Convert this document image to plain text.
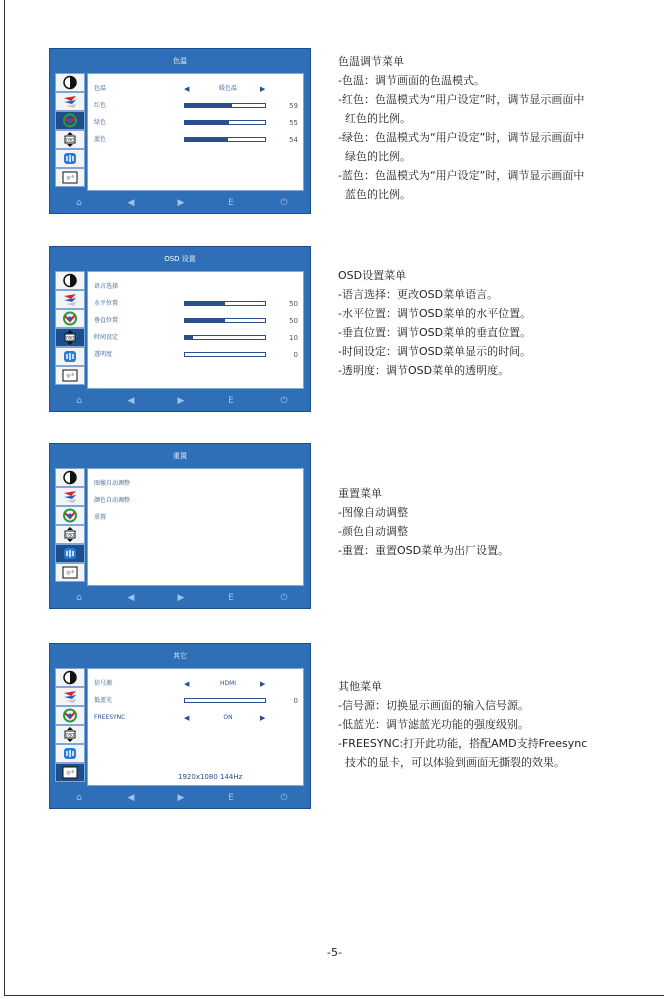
色温
OSD
☼°
色温	◀	暖色温	▶
红色	59
绿色	55
蓝色	54
⌂	◀	▶	E	⏻
色温调节菜单
-色温：调节画面的色温模式。
-红色：色温模式为“用户设定”时，调节显示画面中
红色的比例。
-绿色：色温模式为“用户设定”时，调节显示画面中
绿色的比例。
-蓝色：色温模式为“用户设定”时，调节显示画面中
蓝色的比例。
OSD 设置
OSD
☼°
语言选择
水平位置	50
垂直位置	50
时间设定	10
透明度	0
⌂	◀	▶	E	⏻
OSD设置菜单
-语言选择：更改OSD菜单语言。
-水平位置：调节OSD菜单的水平位置。
-垂直位置：调节OSD菜单的垂直位置。
-时间设定：调节OSD菜单显示的时间。
-透明度：调节OSD菜单的透明度。
重置
OSD
☼°
图像自动调整
颜色自动调整
重置
⌂	◀	▶	E	⏻
重置菜单
-图像自动调整
-颜色自动调整
-重置：重置OSD菜单为出厂设置。
其它
OSD
☼°
信号源	◀	HDMI	▶
低蓝光	0
FREESYNC	◀	ON	▶
1920x1080 144Hz
⌂	◀	▶	E	⏻
其他菜单
-信号源：切换显示画面的输入信号源。
-低蓝光：调节滤蓝光功能的强度级别。
-FREESYNC:打开此功能，搭配AMD支持Freesync
技术的显卡，可以体验到画面无撕裂的效果。
-5-
